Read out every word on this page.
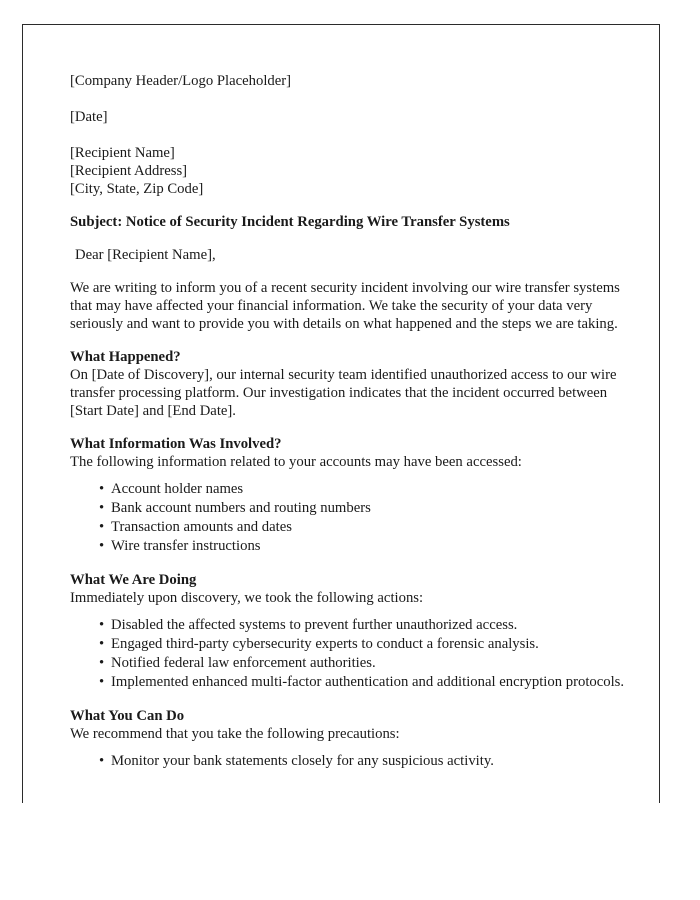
[Company Header/Logo Placeholder]
[Date]
[Recipient Name]
[Recipient Address]
[City, State, Zip Code]
Subject: Notice of Security Incident Regarding Wire Transfer Systems
Dear [Recipient Name],

We are writing to inform you of a recent security incident involving our wire transfer systems that may have affected your financial information. We take the security of your data very seriously and want to provide you with details on what happened and the steps we are taking.

What Happened?

On [Date of Discovery], our internal security team identified unauthorized access to our wire transfer processing platform. Our investigation indicates that the incident occurred between [Start Date] and [End Date].

What Information Was Involved?

The following information related to your accounts may have been accessed:

• Account holder names
• Bank account numbers and routing numbers
• Transaction amounts and dates
• Wire transfer instructions
What We Are Doing

Immediately upon discovery, we took the following actions:

• Disabled the affected systems to prevent further unauthorized access.
• Engaged third-party cybersecurity experts to conduct a forensic analysis.
• Notified federal law enforcement authorities.
• Implemented enhanced multi-factor authentication and additional encryption protocols.
What You Can Do

We recommend that you take the following precautions:

• Monitor your bank statements closely for any suspicious activity.
